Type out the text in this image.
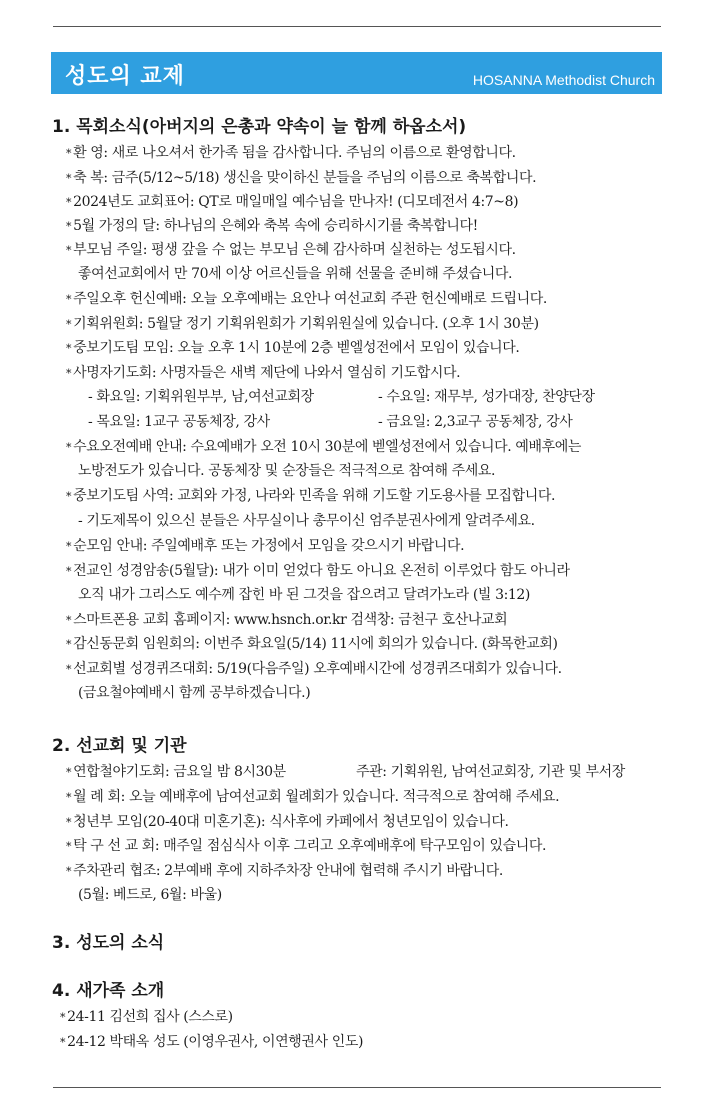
성도의 교제	HOSANNA Methodist Church
1. 목회소식(아버지의 은총과 약속이 늘 함께 하옵소서)
* 환 영: 새로 나오셔서 한가족 됨을 감사합니다. 주님의 이름으로 환영합니다.
* 축 복: 금주(5/12~5/18) 생신을 맞이하신 분들을 주님의 이름으로 축복합니다.
* 2024년도 교회표어: QT로 매일매일 예수님을 만나자! (디모데전서 4:7~8)
* 5월 가정의 달: 하나님의 은혜와 축복 속에 승리하시기를 축복합니다!
* 부모님 주일: 평생 갚을 수 없는 부모님 은혜 감사하며 실천하는 성도됩시다.
좋여선교회에서 만 70세 이상 어르신들을 위해 선물을 준비해 주셨습니다.
* 주일오후 헌신예배: 오늘 오후예배는 요안나 여선교회 주관 헌신예배로 드립니다.
* 기획위원회: 5월달 정기 기획위원회가 기획위원실에 있습니다. (오후 1시 30분)
* 중보기도팀 모임: 오늘 오후 1시 10분에 2층 벧엘성전에서 모임이 있습니다.
* 사명자기도회: 사명자들은 새벽 제단에 나와서 열심히 기도합시다.
- 화요일: 기획위원부부, 남,여선교회장	- 수요일: 재무부, 성가대장, 찬양단장
- 목요일: 1교구 공동체장, 강사	- 금요일: 2,3교구 공동체장, 강사
* 수요오전예배 안내: 수요예배가 오전 10시 30분에 벧엘성전에서 있습니다. 예배후에는
노방전도가 있습니다. 공동체장 및 순장들은 적극적으로 참여해 주세요.
* 중보기도팀 사역: 교회와 가정, 나라와 민족을 위해 기도할 기도용사를 모집합니다.
- 기도제목이 있으신 분들은 사무실이나 총무이신 엄주분권사에게 알려주세요.
* 순모임 안내: 주일예배후 또는 가정에서 모임을 갖으시기 바랍니다.
* 전교인 성경암송(5월달): 내가 이미 얻었다 함도 아니요 온전히 이루었다 함도 아니라
오직 내가 그리스도 예수께 잡힌 바 된 그것을 잡으려고 달려가노라 (빌 3:12)
* 스마트폰용 교회 홈페이지: www.hsnch.or.kr 검색창: 금천구 호산나교회
* 감신동문회 임원회의: 이번주 화요일(5/14) 11시에 회의가 있습니다. (화목한교회)
* 선교회별 성경퀴즈대회: 5/19(다음주일) 오후예배시간에 성경퀴즈대회가 있습니다.
(금요철야예배시 함께 공부하겠습니다.)
2. 선교회 및 기관
* 연합철야기도회: 금요일 밤 8시30분	주관: 기획위원, 남여선교회장, 기관 및 부서장
* 월 례 회: 오늘 예배후에 남여선교회 월례회가 있습니다. 적극적으로 참여해 주세요.
* 청년부 모임(20-40대 미혼기혼): 식사후에 카페에서 청년모임이 있습니다.
* 탁 구 선 교 회: 매주일 점심식사 이후 그리고 오후예배후에 탁구모임이 있습니다.
* 주차관리 협조: 2부예배 후에 지하주차장 안내에 협력해 주시기 바랍니다.
(5월: 베드로, 6월: 바울)
3. 성도의 소식
4. 새가족 소개
* 24-11 김선희 집사 (스스로)
* 24-12 박태옥 성도 (이영우권사, 이연행권사 인도)
